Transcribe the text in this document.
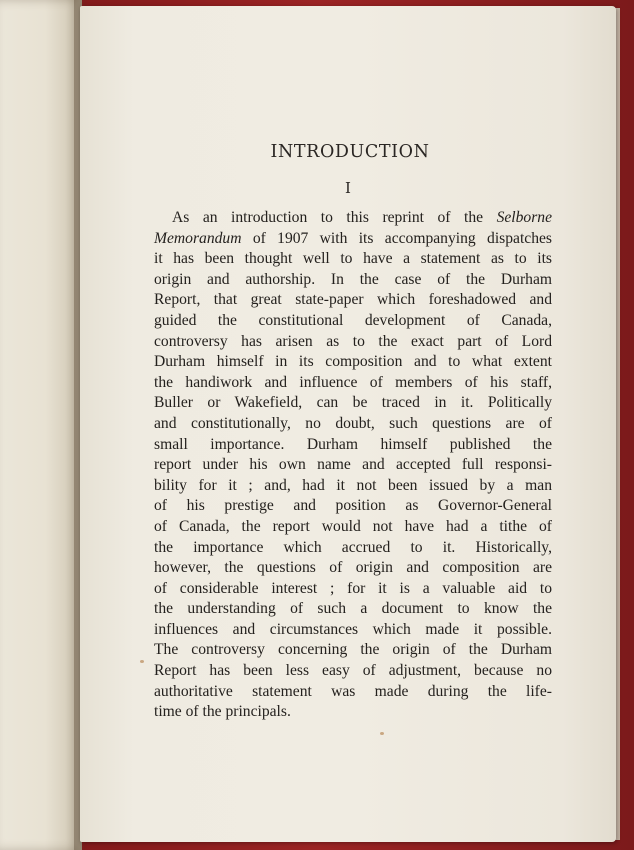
INTRODUCTION
I
As an introduction to this reprint of the Selborne
Memorandum of 1907 with its accompanying dispatches
it has been thought well to have a statement as to its
origin and authorship. In the case of the Durham
Report, that great state-paper which foreshadowed and
guided the constitutional development of Canada,
controversy has arisen as to the exact part of Lord
Durham himself in its composition and to what extent
the handiwork and influence of members of his staff,
Buller or Wakefield, can be traced in it. Politically
and constitutionally, no doubt, such questions are of
small importance. Durham himself published the
report under his own name and accepted full responsi-
bility for it ; and, had it not been issued by a man
of his prestige and position as Governor-General
of Canada, the report would not have had a tithe of
the importance which accrued to it. Historically,
however, the questions of origin and composition are
of considerable interest ; for it is a valuable aid to
the understanding of such a document to know the
influences and circumstances which made it possible.
The controversy concerning the origin of the Durham
Report has been less easy of adjustment, because no
authoritative statement was made during the life-
time of the principals.
